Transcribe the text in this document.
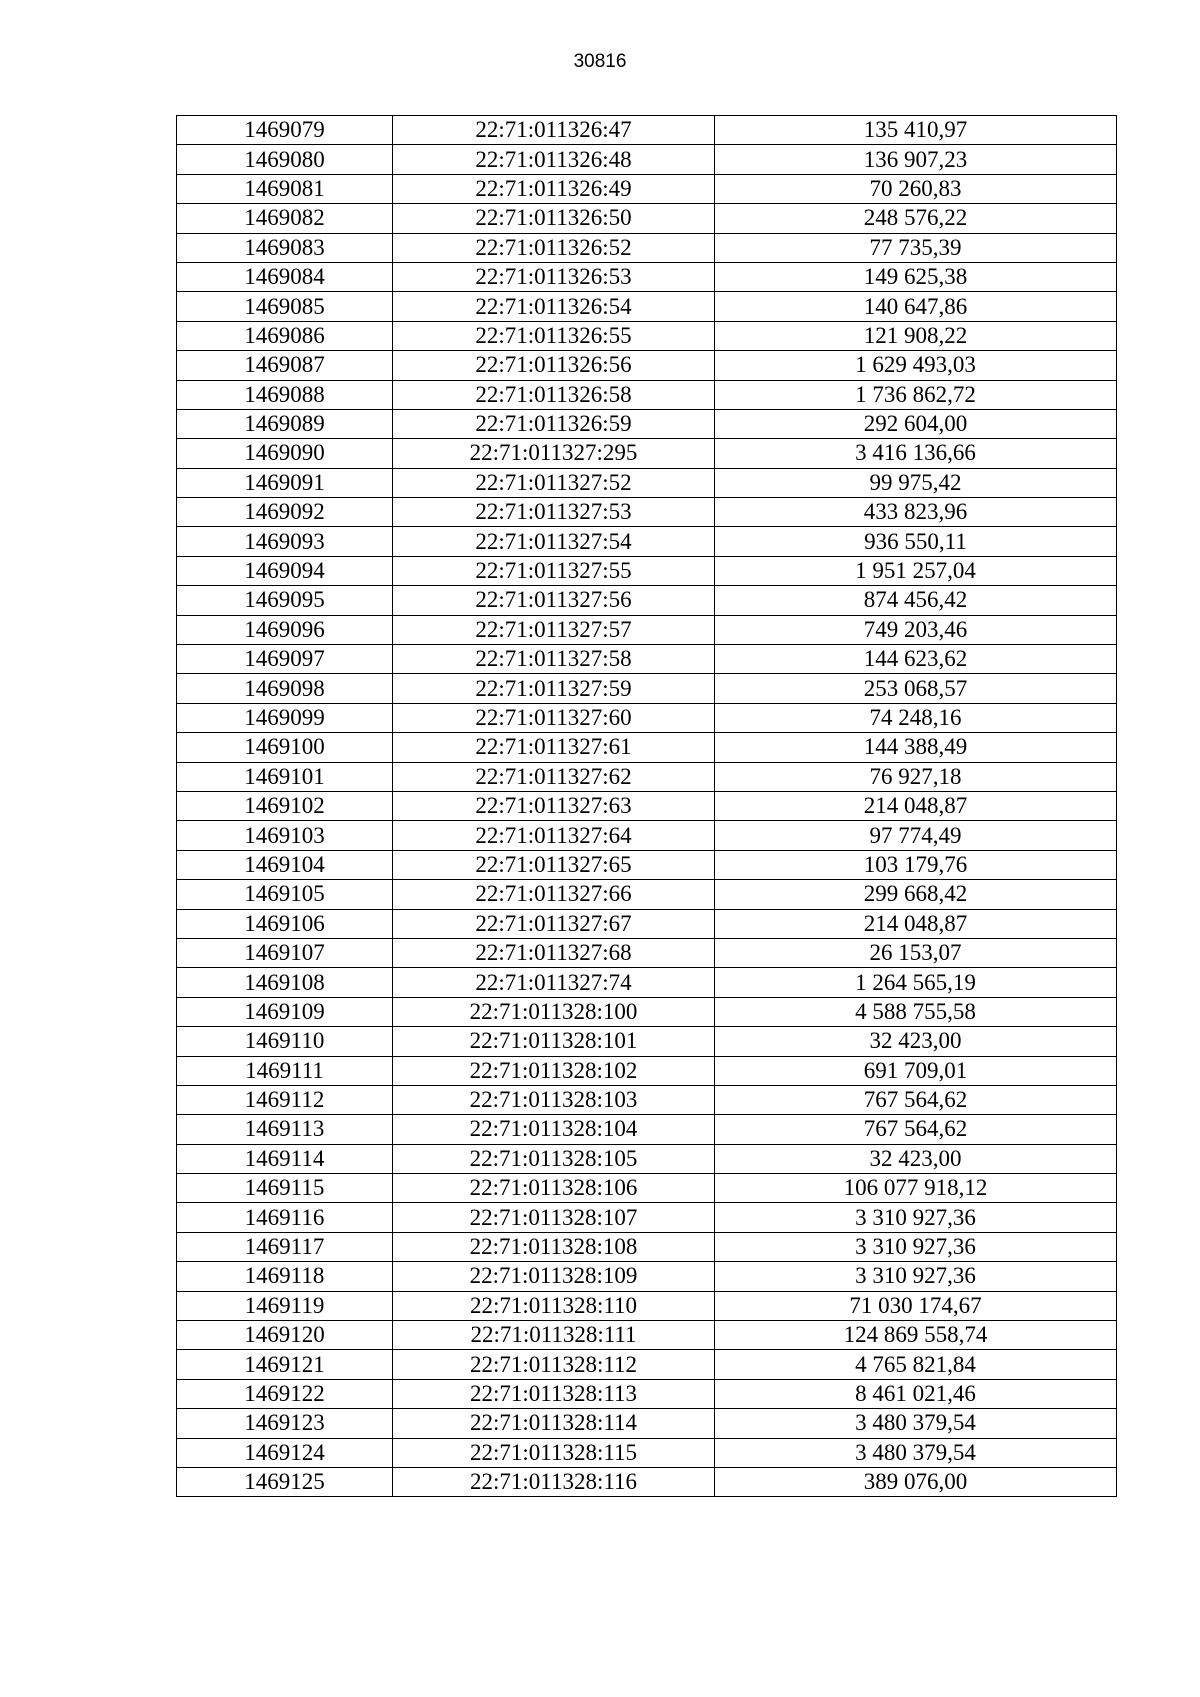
30816
1469079	22:71:011326:47	135 410,97
1469080	22:71:011326:48	136 907,23
1469081	22:71:011326:49	70 260,83
1469082	22:71:011326:50	248 576,22
1469083	22:71:011326:52	77 735,39
1469084	22:71:011326:53	149 625,38
1469085	22:71:011326:54	140 647,86
1469086	22:71:011326:55	121 908,22
1469087	22:71:011326:56	1 629 493,03
1469088	22:71:011326:58	1 736 862,72
1469089	22:71:011326:59	292 604,00
1469090	22:71:011327:295	3 416 136,66
1469091	22:71:011327:52	99 975,42
1469092	22:71:011327:53	433 823,96
1469093	22:71:011327:54	936 550,11
1469094	22:71:011327:55	1 951 257,04
1469095	22:71:011327:56	874 456,42
1469096	22:71:011327:57	749 203,46
1469097	22:71:011327:58	144 623,62
1469098	22:71:011327:59	253 068,57
1469099	22:71:011327:60	74 248,16
1469100	22:71:011327:61	144 388,49
1469101	22:71:011327:62	76 927,18
1469102	22:71:011327:63	214 048,87
1469103	22:71:011327:64	97 774,49
1469104	22:71:011327:65	103 179,76
1469105	22:71:011327:66	299 668,42
1469106	22:71:011327:67	214 048,87
1469107	22:71:011327:68	26 153,07
1469108	22:71:011327:74	1 264 565,19
1469109	22:71:011328:100	4 588 755,58
1469110	22:71:011328:101	32 423,00
1469111	22:71:011328:102	691 709,01
1469112	22:71:011328:103	767 564,62
1469113	22:71:011328:104	767 564,62
1469114	22:71:011328:105	32 423,00
1469115	22:71:011328:106	106 077 918,12
1469116	22:71:011328:107	3 310 927,36
1469117	22:71:011328:108	3 310 927,36
1469118	22:71:011328:109	3 310 927,36
1469119	22:71:011328:110	71 030 174,67
1469120	22:71:011328:111	124 869 558,74
1469121	22:71:011328:112	4 765 821,84
1469122	22:71:011328:113	8 461 021,46
1469123	22:71:011328:114	3 480 379,54
1469124	22:71:011328:115	3 480 379,54
1469125	22:71:011328:116	389 076,00
